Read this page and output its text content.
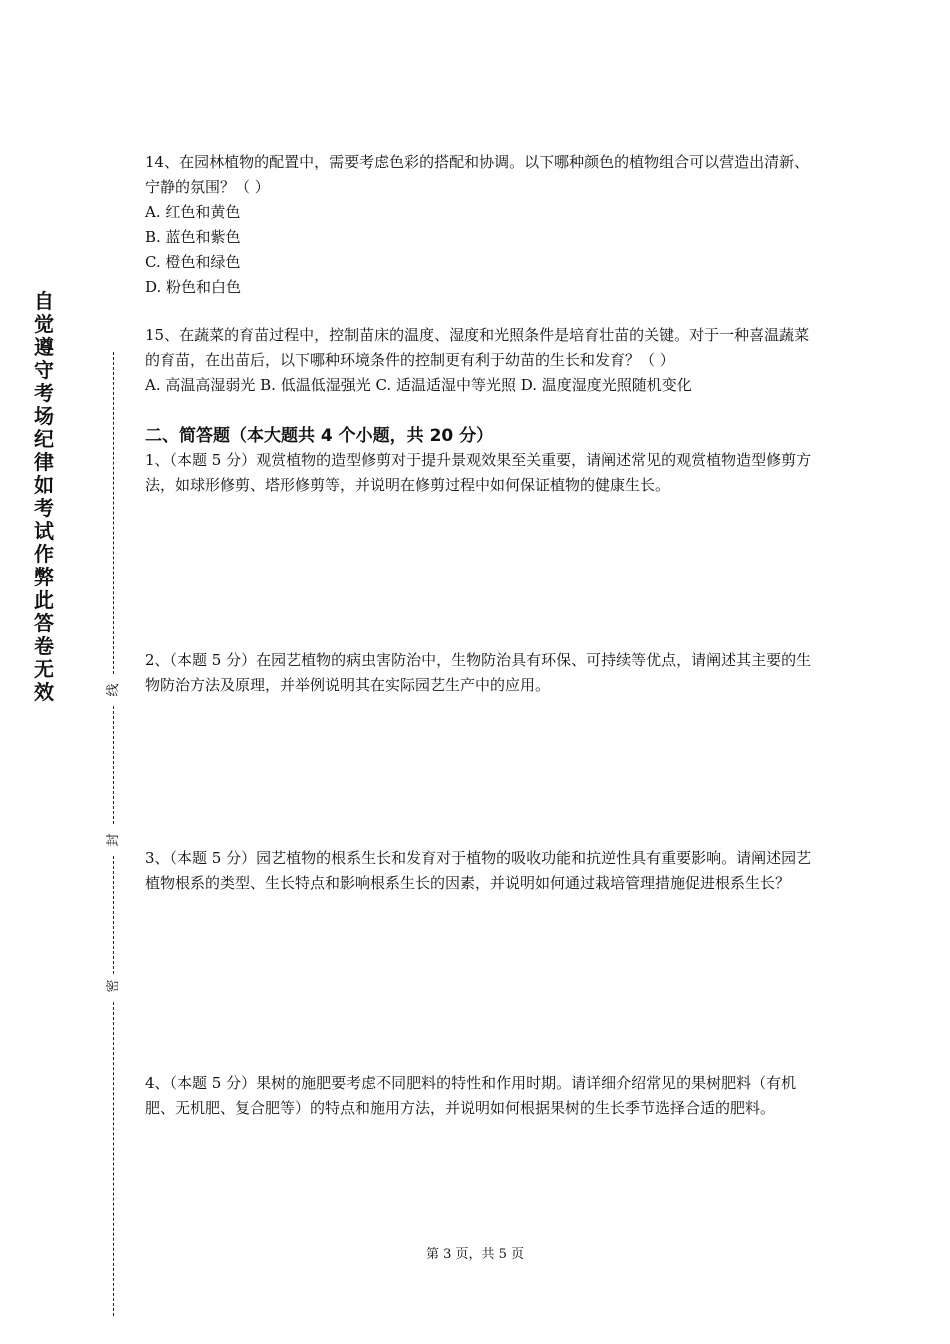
自觉遵守考场纪律如考试作弊此答卷无效	线
封
密

14、在园林植物的配置中，需要考虑色彩的搭配和协调。以下哪种颜色的植物组合可以营造出清新、宁静的氛围？（ ）

A. 红色和黄色

B. 蓝色和紫色

C. 橙色和绿色

D. 粉色和白色

15、在蔬菜的育苗过程中，控制苗床的温度、湿度和光照条件是培育壮苗的关键。对于一种喜温蔬菜的育苗，在出苗后，以下哪种环境条件的控制更有利于幼苗的生长和发育？（ ）

A. 高温高湿弱光 B. 低温低湿强光 C. 适温适湿中等光照 D. 温度湿度光照随机变化

二、简答题（本大题共 4 个小题，共 20 分）

1、（本题 5 分）观赏植物的造型修剪对于提升景观效果至关重要，请阐述常见的观赏植物造型修剪方法，如球形修剪、塔形修剪等，并说明在修剪过程中如何保证植物的健康生长。

2、（本题 5 分）在园艺植物的病虫害防治中，生物防治具有环保、可持续等优点，请阐述其主要的生物防治方法及原理，并举例说明其在实际园艺生产中的应用。

3、（本题 5 分）园艺植物的根系生长和发育对于植物的吸收功能和抗逆性具有重要影响。请阐述园艺植物根系的类型、生长特点和影响根系生长的因素，并说明如何通过栽培管理措施促进根系生长？

4、（本题 5 分）果树的施肥要考虑不同肥料的特性和作用时期。请详细介绍常见的果树肥料（有机肥、无机肥、复合肥等）的特点和施用方法，并说明如何根据果树的生长季节选择合适的肥料。

第 3 页，共 5 页
